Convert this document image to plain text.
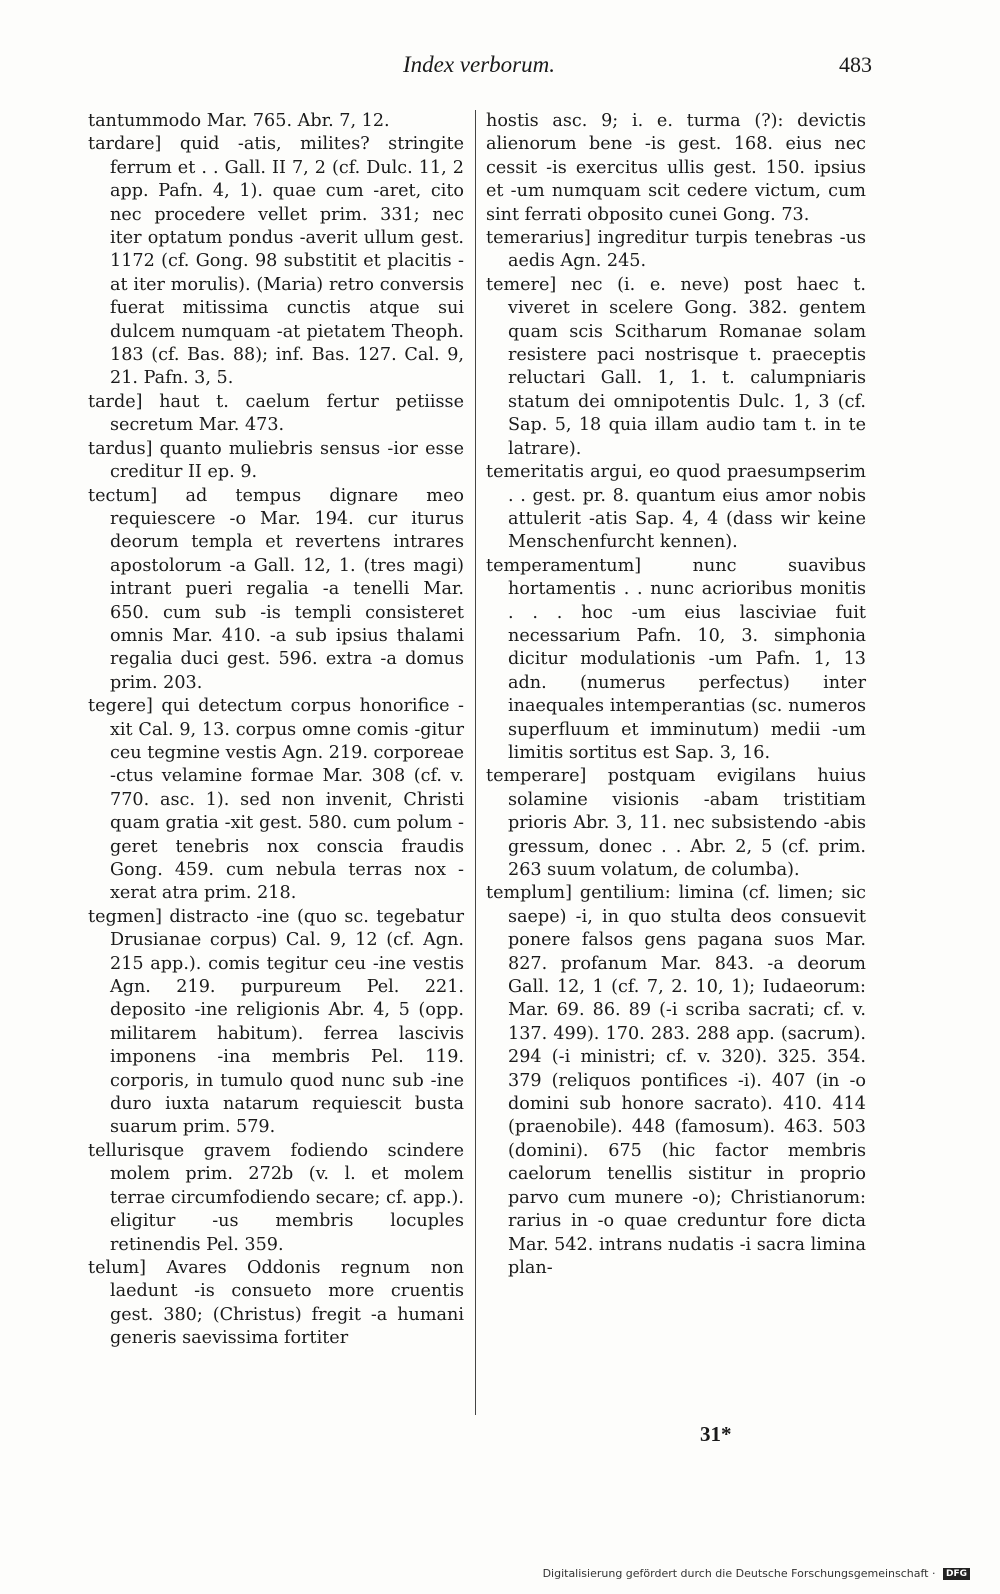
Index verborum.	483

tantummodo Mar. 765. Abr. 7, 12.

tardare] quid -atis, milites? stringite ferrum et . . Gall. II 7, 2 (cf. Dulc. 11, 2 app. Pafn. 4, 1). quae cum -aret, cito nec procedere vellet prim. 331; nec iter optatum pondus -averit ullum gest. 1172 (cf. Gong. 98 substitit et placitis -at iter morulis). (Maria) retro conversis fuerat mitissima cunctis atque sui dulcem numquam -at pietatem Theoph. 183 (cf. Bas. 88); inf. Bas. 127. Cal. 9, 21. Pafn. 3, 5.

tarde] haut t. caelum fertur petiisse secretum Mar. 473.

tardus] quanto muliebris sensus -ior esse creditur II ep. 9.

tectum] ad tempus dignare meo requiescere -o Mar. 194. cur iturus deorum templa et revertens intrares apostolorum -a Gall. 12, 1. (tres magi) intrant pueri regalia -a tenelli Mar. 650. cum sub -is templi consisteret omnis Mar. 410. -a sub ipsius thalami regalia duci gest. 596. extra -a domus prim. 203.

tegere] qui detectum corpus honorifice -xit Cal. 9, 13. corpus omne comis -gitur ceu tegmine vestis Agn. 219. corporeae -ctus velamine formae Mar. 308 (cf. v. 770. asc. 1). sed non invenit, Christi quam gratia -xit gest. 580. cum polum -geret tenebris nox conscia fraudis Gong. 459. cum nebula terras nox -xerat atra prim. 218.

tegmen] distracto -ine (quo sc. tegebatur Drusianae corpus) Cal. 9, 12 (cf. Agn. 215 app.). comis tegitur ceu -ine vestis Agn. 219. purpureum Pel. 221. deposito -ine religionis Abr. 4, 5 (opp. militarem habitum). ferrea lascivis imponens -ina membris Pel. 119. corporis, in tumulo quod nunc sub -ine duro iuxta natarum requiescit busta suarum prim. 579.

tellurisque gravem fodiendo scindere molem prim. 272b (v. l. et molem terrae circumfodiendo secare; cf. app.). eligitur -us membris locuples retinendis Pel. 359.

telum] Avares Oddonis regnum non laedunt -is consueto more cruentis gest. 380; (Christus) fregit -a humani generis saevissima fortiter

hostis asc. 9; i. e. turma (?): devictis alienorum bene -is gest. 168. eius nec cessit -is exercitus ullis gest. 150. ipsius et -um numquam scit cedere victum, cum sint ferrati obposito cunei Gong. 73.

temerarius] ingreditur turpis tenebras -us aedis Agn. 245.

temere] nec (i. e. neve) post haec t. viveret in scelere Gong. 382. gentem quam scis Scitharum Romanae solam resistere paci nostrisque t. praeceptis reluctari Gall. 1, 1. t. calumpniaris statum dei omnipotentis Dulc. 1, 3 (cf. Sap. 5, 18 quia illam audio tam t. in te latrare).

temeritatis argui, eo quod praesumpserim . . gest. pr. 8. quantum eius amor nobis attulerit -atis Sap. 4, 4 (dass wir keine Menschenfurcht kennen).

temperamentum] nunc suavibus hortamentis . . nunc acrioribus monitis . . . hoc -um eius lasciviae fuit necessarium Pafn. 10, 3. simphonia dicitur modulationis -um Pafn. 1, 13 adn. (numerus perfectus) inter inaequales intemperantias (sc. numeros superfluum et imminutum) medii -um limitis sortitus est Sap. 3, 16.

temperare] postquam evigilans huius solamine visionis -abam tristitiam prioris Abr. 3, 11. nec subsistendo -abis gressum, donec . . Abr. 2, 5 (cf. prim. 263 suum volatum, de columba).

templum] gentilium: limina (cf. limen; sic saepe) -i, in quo stulta deos consuevit ponere falsos gens pagana suos Mar. 827. profanum Mar. 843. -a deorum Gall. 12, 1 (cf. 7, 2. 10, 1); Iudaeorum: Mar. 69. 86. 89 (-i scriba sacrati; cf. v. 137. 499). 170. 283. 288 app. (sacrum). 294 (-i ministri; cf. v. 320). 325. 354. 379 (reliquos pontifices -i). 407 (in -o domini sub honore sacrato). 410. 414 (praenobile). 448 (famosum). 463. 503 (domini). 675 (hic factor membris caelorum tenellis sistitur in proprio parvo cum munere -o); Christianorum: rarius in -o quae creduntur fore dicta Mar. 542. intrans nudatis -i sacra limina plan-

31*
Digitalisierung gefördert durch die Deutsche Forschungsgemeinschaft · DFG
